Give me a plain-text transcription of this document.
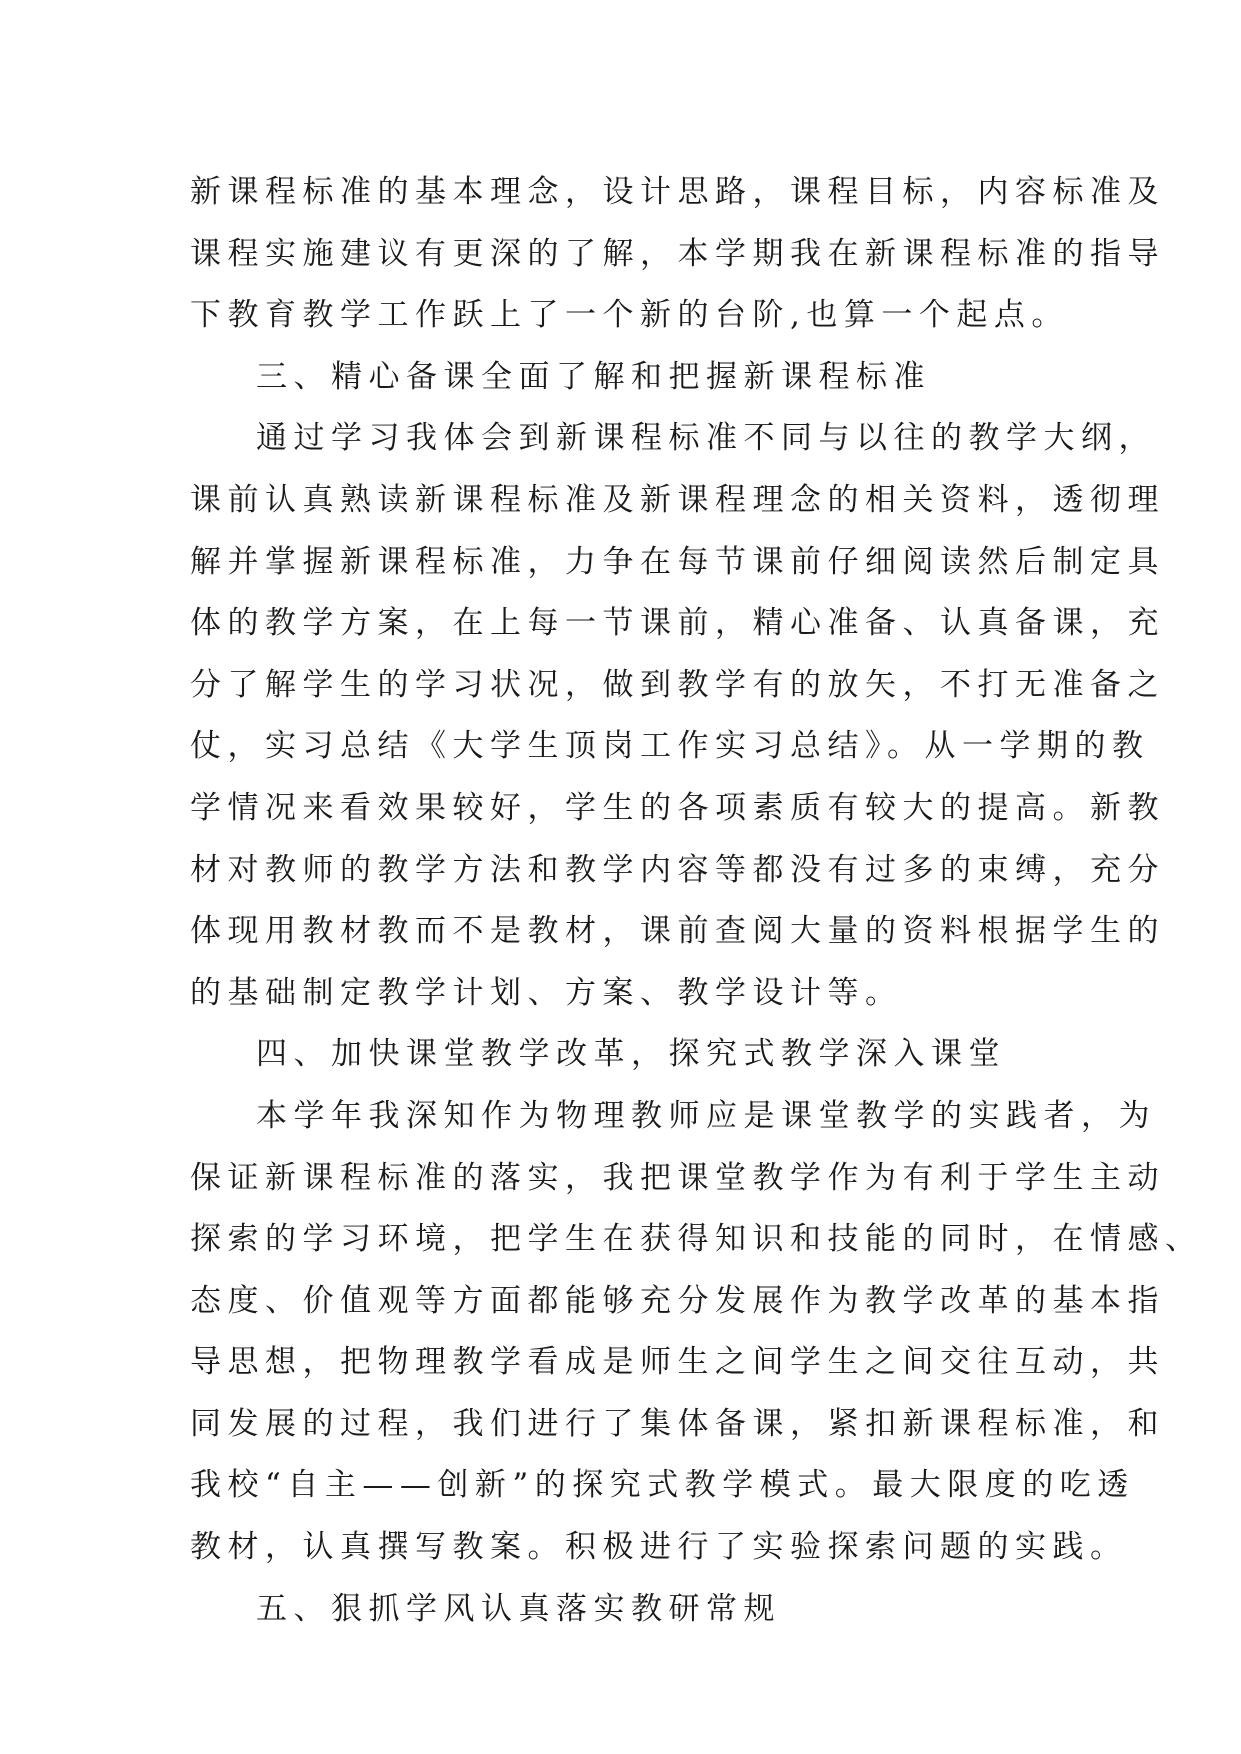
新课程标准的基本理念，设计思路，课程目标，内容标准及
课程实施建议有更深的了解，本学期我在新课程标准的指导
下教育教学工作跃上了一个新的台阶,也算一个起点。
三、精心备课全面了解和把握新课程标准
通过学习我体会到新课程标准不同与以往的教学大纲，
课前认真熟读新课程标准及新课程理念的相关资料，透彻理
解并掌握新课程标准，力争在每节课前仔细阅读然后制定具
体的教学方案，在上每一节课前，精心准备、认真备课，充
分了解学生的学习状况，做到教学有的放矢，不打无准备之
仗，实习总结《大学生顶岗工作实习总结》。从一学期的教
学情况来看效果较好，学生的各项素质有较大的提高。新教
材对教师的教学方法和教学内容等都没有过多的束缚，充分
体现用教材教而不是教材，课前查阅大量的资料根据学生的
的基础制定教学计划、方案、教学设计等。
四、加快课堂教学改革，探究式教学深入课堂
本学年我深知作为物理教师应是课堂教学的实践者，为
保证新课程标准的落实，我把课堂教学作为有利于学生主动
探索的学习环境，把学生在获得知识和技能的同时，在情感、
态度、价值观等方面都能够充分发展作为教学改革的基本指
导思想，把物理教学看成是师生之间学生之间交往互动，共
同发展的过程，我们进行了集体备课，紧扣新课程标准，和
我校“自主——创新”的探究式教学模式。最大限度的吃透
教材，认真撰写教案。积极进行了实验探索问题的实践。
五、狠抓学风认真落实教研常规
